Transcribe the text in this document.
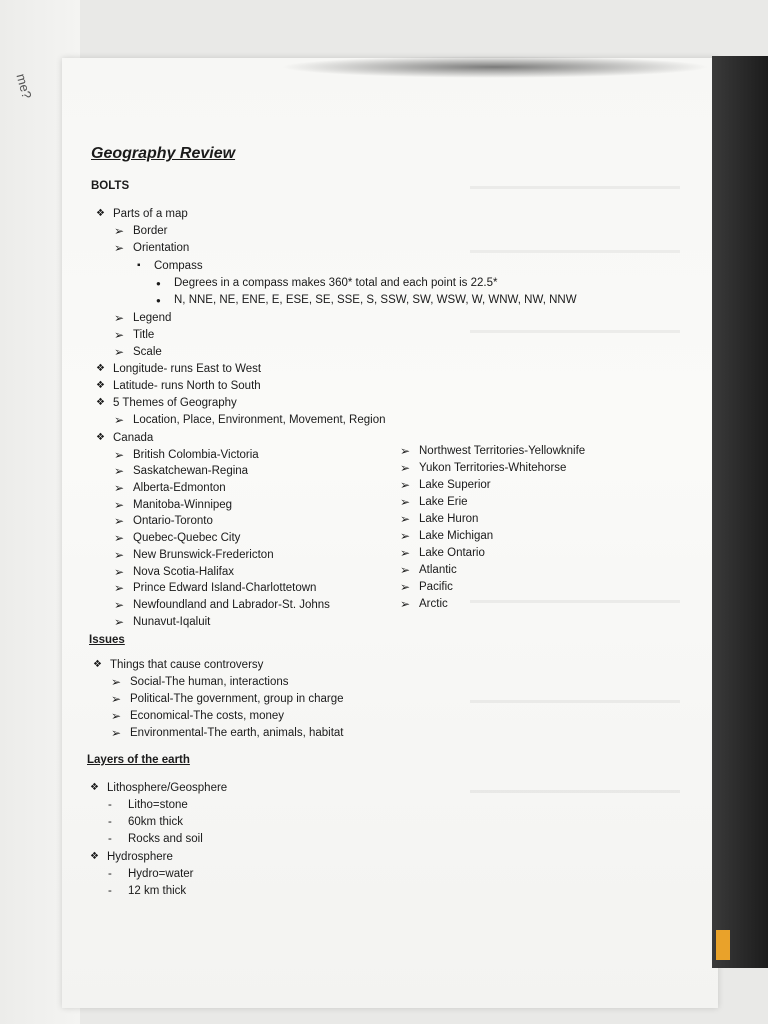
me?
Geography Review
BOLTS
❖ Parts of a map
➢ Border
➢ Orientation
▪ Compass
● Degrees in a compass makes 360* total and each point is 22.5*
● N, NNE, NE, ENE, E, ESE, SE, SSE, S, SSW, SW, WSW, W, WNW, NW, NNW
➢ Legend
➢ Title
➢ Scale
❖ Longitude- runs East to West
❖ Latitude- runs North to South
❖ 5 Themes of Geography
➢ Location, Place, Environment, Movement, Region
❖ Canada
➢ British Colombia-Victoria
➢ Saskatchewan-Regina
➢ Alberta-Edmonton
➢ Manitoba-Winnipeg
➢ Ontario-Toronto
➢ Quebec-Quebec City
➢ New Brunswick-Fredericton
➢ Nova Scotia-Halifax
➢ Prince Edward Island-Charlottetown
➢ Newfoundland and Labrador-St. Johns
➢ Nunavut-Iqaluit
➢ Northwest Territories-Yellowknife
➢ Yukon Territories-Whitehorse
➢ Lake Superior
➢ Lake Erie
➢ Lake Huron
➢ Lake Michigan
➢ Lake Ontario
➢ Atlantic
➢ Pacific
➢ Arctic
Issues
❖ Things that cause controversy
➢ Social-The human, interactions
➢ Political-The government, group in charge
➢ Economical-The costs, money
➢ Environmental-The earth, animals, habitat
Layers of the earth
❖ Lithosphere/Geosphere
- Litho=stone
- 60km thick
- Rocks and soil
❖ Hydrosphere
- Hydro=water
- 12 km thick
